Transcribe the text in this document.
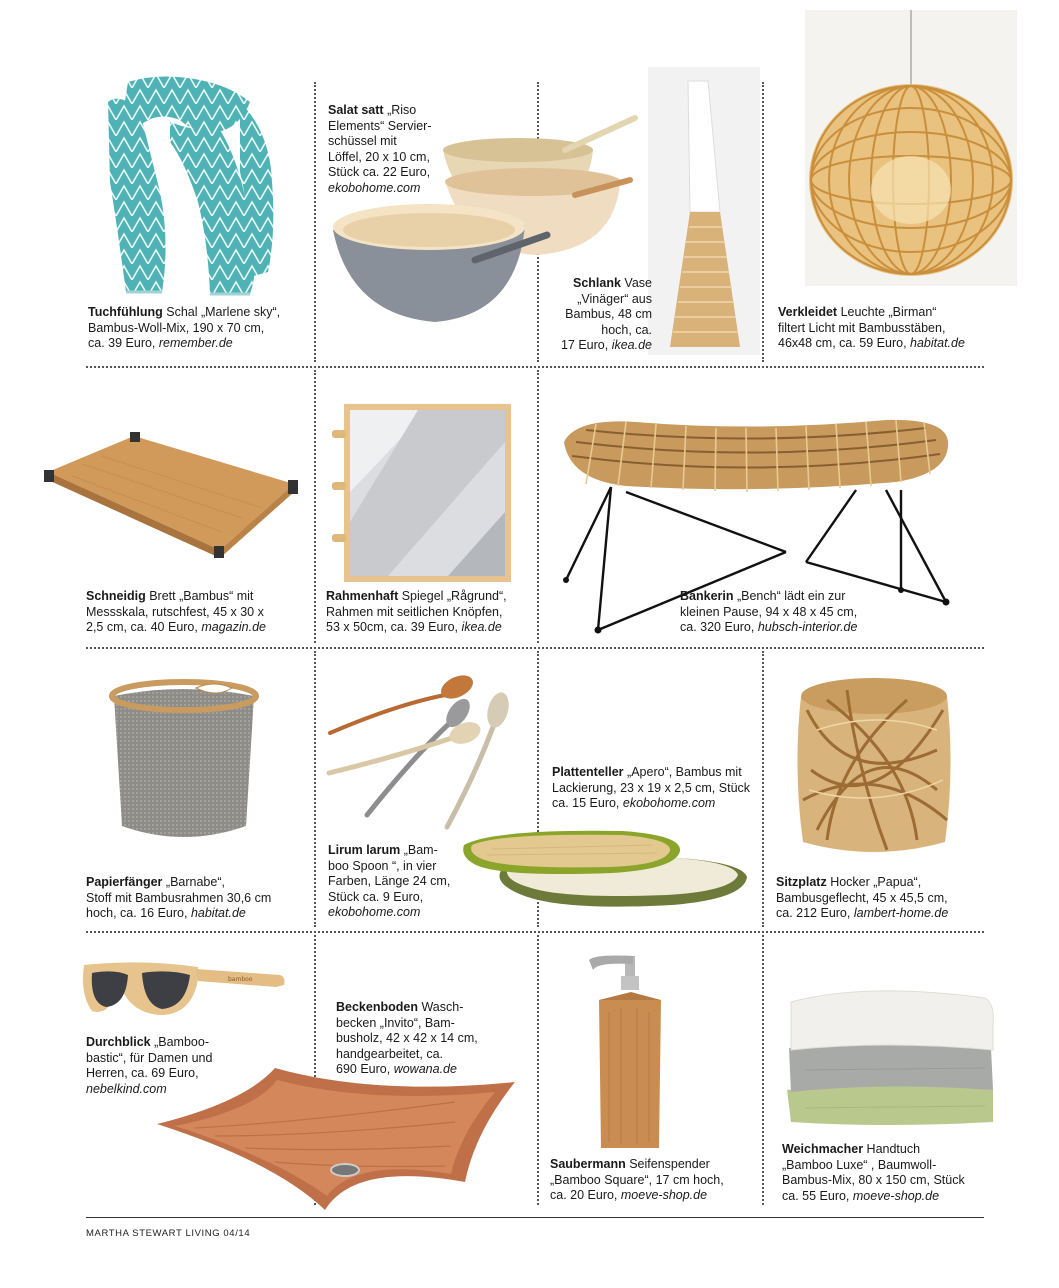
Tuchfühlung Schal „Marlene sky“,
Bambus-Woll-Mix, 190 x 70 cm,
ca. 39 Euro, remember.de
Salat satt „Riso
Elements“ Servier-
schüssel mit
Löffel, 20 x 10 cm,
Stück ca. 22 Euro,
ekobohome.com
Schlank Vase
„Vinäger“ aus
Bambus, 48 cm
hoch, ca.
17 Euro, ikea.de
Verkleidet Leuchte „Birman“
filtert Licht mit Bambusstäben,
46x48 cm, ca. 59 Euro, habitat.de
Schneidig Brett „Bambus“ mit
Messskala, rutschfest, 45 x 30 x
2,5 cm, ca. 40 Euro, magazin.de
Rahmenhaft Spiegel „Rågrund“,
Rahmen mit seitlichen Knöpfen,
53 x 50cm, ca. 39 Euro, ikea.de
Bankerin „Bench“ lädt ein zur
kleinen Pause, 94 x 48 x 45 cm,
ca. 320 Euro, hubsch-interior.de
Papierfänger „Barnabe“,
Stoff mit Bambusrahmen 30,6 cm
hoch, ca. 16 Euro, habitat.de
Lirum larum „Bam-
boo Spoon “, in vier
Farben, Länge 24 cm,
Stück ca. 9 Euro,
ekobohome.com
Plattenteller „Apero“, Bambus mit
Lackierung, 23 x 19 x 2,5 cm, Stück
ca. 15 Euro, ekobohome.com
Sitzplatz Hocker „Papua“,
Bambusgeflecht, 45 x 45,5 cm,
ca. 212 Euro, lambert-home.de
bamboo
Durchblick „Bamboo-
bastic“, für Damen und
Herren, ca. 69 Euro,
nebelkind.com
Beckenboden Wasch-
becken „Invito“, Bam-
busholz, 42 x 42 x 14 cm,
handgearbeitet, ca.
690 Euro, wowana.de
Saubermann Seifenspender
„Bamboo Square“, 17 cm hoch,
ca. 20 Euro, moeve-shop.de
Weichmacher Handtuch
„Bamboo Luxe“ , Baumwoll-
Bambus-Mix, 80 x 150 cm, Stück
ca. 55 Euro, moeve-shop.de
MARTHA STEWART LIVING 04/14
